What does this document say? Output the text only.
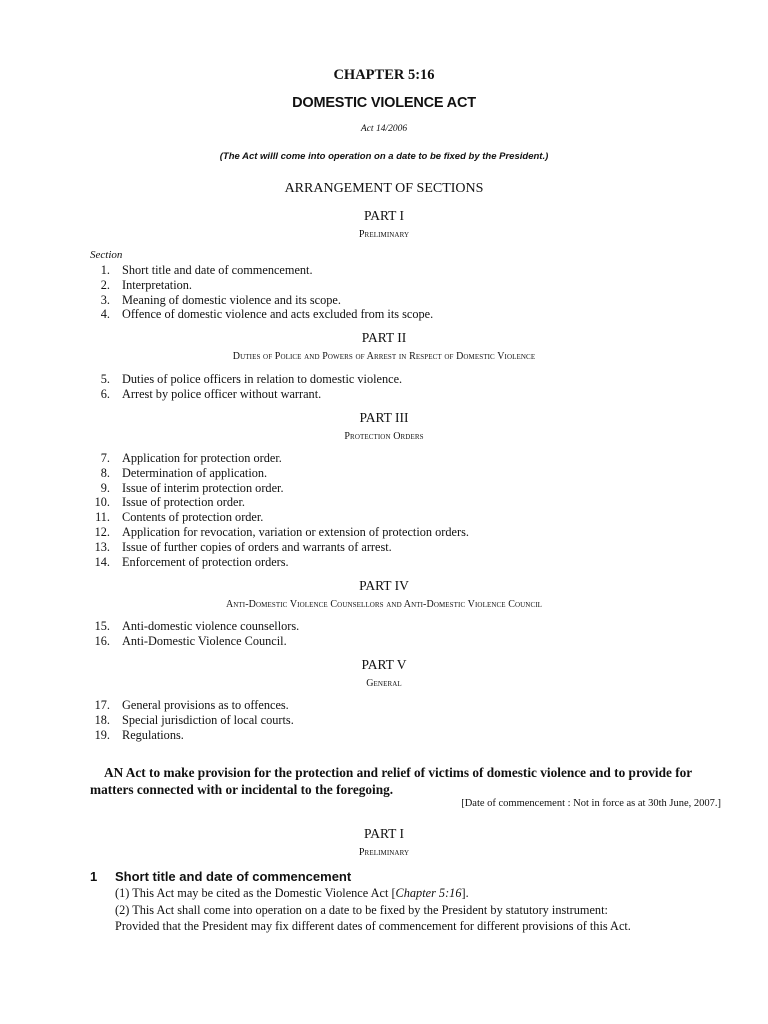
CHAPTER 5:16
DOMESTIC VIOLENCE ACT
Act 14/2006
(The Act willl come into operation on a date to be fixed by the President.)
ARRANGEMENT OF SECTIONS
PART I
Preliminary
Section
1. Short title and date of commencement.
2. Interpretation.
3. Meaning of domestic violence and its scope.
4. Offence of domestic violence and acts excluded from its scope.
PART II
Duties of Police and Powers of Arrest in Respect of Domestic Violence
5. Duties of police officers in relation to domestic violence.
6. Arrest by police officer without warrant.
PART III
Protection Orders
7. Application for protection order.
8. Determination of application.
9. Issue of interim protection order.
10. Issue of protection order.
11. Contents of protection order.
12. Application for revocation, variation or extension of protection orders.
13. Issue of further copies of orders and warrants of arrest.
14. Enforcement of protection orders.
PART IV
Anti-Domestic Violence Counsellors and Anti-Domestic Violence Council
15. Anti-domestic violence counsellors.
16. Anti-Domestic Violence Council.
PART V
General
17. General provisions as to offences.
18. Special jurisdiction of local courts.
19. Regulations.
AN Act to make provision for the protection and relief of victims of domestic violence and to provide for matters connected with or incidental to the foregoing.
[Date of commencement : Not in force as at 30th June, 2007.]
PART I
Preliminary
1 Short title and date of commencement
(1) This Act may be cited as the Domestic Violence Act [Chapter 5:16].
(2) This Act shall come into operation on a date to be fixed by the President by statutory instrument:
Provided that the President may fix different dates of commencement for different provisions of this Act.
